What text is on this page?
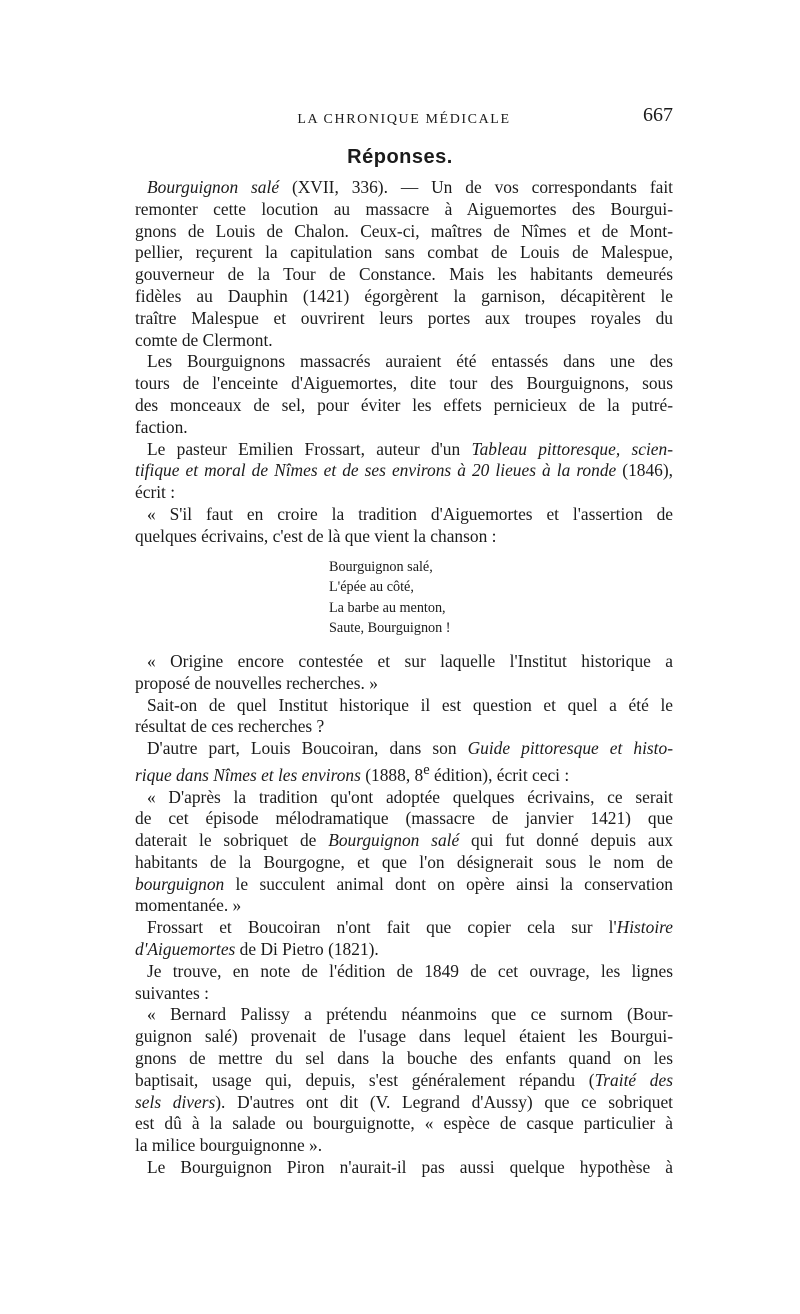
LA CHRONIQUE MÉDICALE	667
Réponses.

Bourguignon salé (XVII, 336). — Un de vos correspondants fait

remonter cette locution au massacre à Aiguemortes des Bourgui-

gnons de Louis de Chalon. Ceux-ci, maîtres de Nîmes et de Mont-

pellier, reçurent la capitulation sans combat de Louis de Malespue,

gouverneur de la Tour de Constance. Mais les habitants demeurés

fidèles au Dauphin (1421) égorgèrent la garnison, décapitèrent le

traître Malespue et ouvrirent leurs portes aux troupes royales du

comte de Clermont.

Les Bourguignons massacrés auraient été entassés dans une des

tours de l'enceinte d'Aiguemortes, dite tour des Bourguignons, sous

des monceaux de sel, pour éviter les effets pernicieux de la putré-

faction.

Le pasteur Emilien Frossart, auteur d'un Tableau pittoresque, scien-

tifique et moral de Nîmes et de ses environs à 20 lieues à la ronde (1846),

écrit :

« S'il faut en croire la tradition d'Aiguemortes et l'assertion de

quelques écrivains, c'est de là que vient la chanson :

Bourguignon salé,
L'épée au côté,
La barbe au menton,
Saute, Bourguignon !

« Origine encore contestée et sur laquelle l'Institut historique a

proposé de nouvelles recherches. »

Sait-on de quel Institut historique il est question et quel a été le

résultat de ces recherches ?

D'autre part, Louis Boucoiran, dans son Guide pittoresque et histo-

rique dans Nîmes et les environs (1888, 8e édition), écrit ceci :

« D'après la tradition qu'ont adoptée quelques écrivains, ce serait

de cet épisode mélodramatique (massacre de janvier 1421) que

daterait le sobriquet de Bourguignon salé qui fut donné depuis aux

habitants de la Bourgogne, et que l'on désignerait sous le nom de

bourguignon le succulent animal dont on opère ainsi la conservation

momentanée. »

Frossart et Boucoiran n'ont fait que copier cela sur l'Histoire

d'Aiguemortes de Di Pietro (1821).

Je trouve, en note de l'édition de 1849 de cet ouvrage, les lignes

suivantes :

« Bernard Palissy a prétendu néanmoins que ce surnom (Bour-

guignon salé) provenait de l'usage dans lequel étaient les Bourgui-

gnons de mettre du sel dans la bouche des enfants quand on les

baptisait, usage qui, depuis, s'est généralement répandu (Traité des

sels divers). D'autres ont dit (V. Legrand d'Aussy) que ce sobriquet

est dû à la salade ou bourguignotte, « espèce de casque particulier à

la milice bourguignonne ».

Le Bourguignon Piron n'aurait-il pas aussi quelque hypothèse à
